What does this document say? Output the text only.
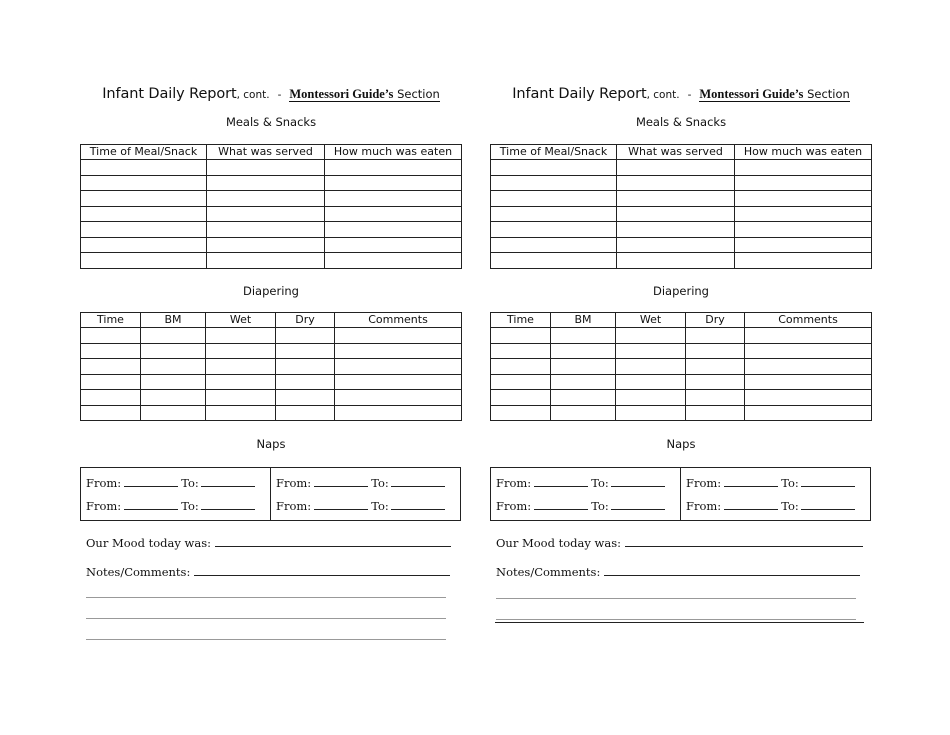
Infant Daily Report, cont. - Montessori Guide’s Section
Meals & Snacks
Time of Meal/Snack	What was served	How much was eaten

Diapering
Time	BM	Wet	Dry	Comments

Naps
From:	To:
From:	To:
From:	To:
From:	To:
Our Mood today was:
Notes/Comments:
Infant Daily Report, cont. - Montessori Guide’s Section
Meals & Snacks
Time of Meal/Snack	What was served	How much was eaten

Diapering
Time	BM	Wet	Dry	Comments

Naps
From:	To:
From:	To:
From:	To:
From:	To:
Our Mood today was:
Notes/Comments:
